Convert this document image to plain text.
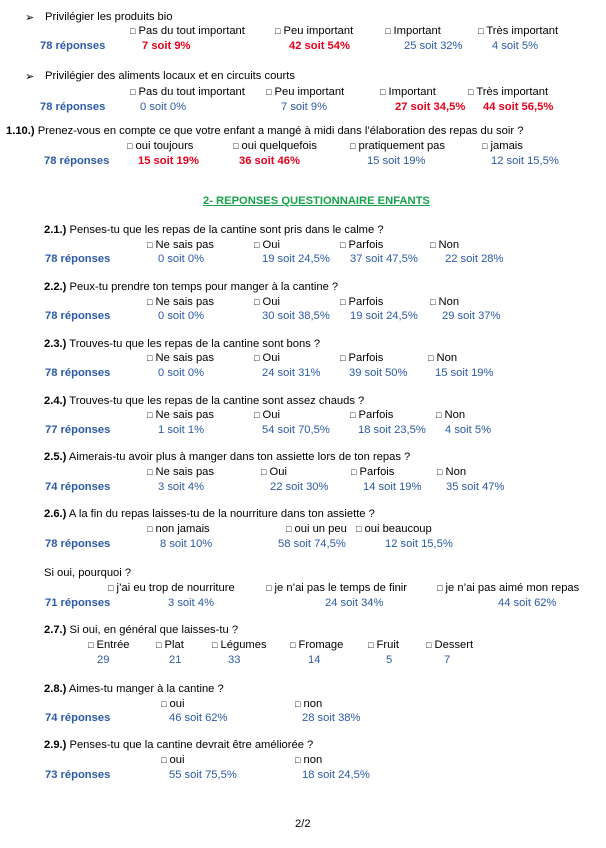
➢ Privilégier les produits bio
□ Pas du tout important	□ Peu important	□ Important	□ Très important
78 réponses	7 soit 9%	42 soit 54%	25 soit 32%	4 soit 5%
➢ Privilégier des aliments locaux et en circuits courts
□ Pas du tout important □ Peu important	□ Important	□ Très important
78 réponses	0 soit 0%	7 soit 9%	27 soit 34,5% 44 soit 56,5%
1.10.) Prenez-vous en compte ce que votre enfant a mangé à midi dans l’élaboration des repas du soir ?
□ oui toujours	□ oui quelquefois	□ pratiquement pas	□ jamais
78 réponses	15 soit 19%	36 soit 46%	15 soit 19%	12 soit 15,5%
2- REPONSES QUESTIONNAIRE ENFANTS
2.1.) Penses-tu que les repas de la cantine sont pris dans le calme ?
□ Ne sais pas	□ Oui	□ Parfois	□ Non
78 réponses	0 soit 0%	19 soit 24,5% 37 soit 47,5% 22 soit 28%
2.2.) Peux-tu prendre ton temps pour manger à la cantine ?
□ Ne sais pas	□ Oui	□ Parfois	□ Non
78 réponses	0 soit 0%	30 soit 38,5% 19 soit 24,5% 29 soit 37%
2.3.) Trouves-tu que les repas de la cantine sont bons ?
□ Ne sais pas	□ Oui	□ Parfois	□ Non
78 réponses	0 soit 0%	24 soit 31%	39 soit 50% 15 soit 19%
2.4.) Trouves-tu que les repas de la cantine sont assez chauds ?
□ Ne sais pas	□ Oui	□ Parfois	□ Non
77 réponses	1 soit 1%	54 soit 70,5%	18 soit 23,5% 4 soit 5%
2.5.) Aimerais-tu avoir plus à manger dans ton assiette lors de ton repas ?
□ Ne sais pas	□ Oui	□ Parfois	□ Non
74 réponses	3 soit 4%	22 soit 30%	14 soit 19% 35 soit 47%
2.6.) A la fin du repas laisses-tu de la nourriture dans ton assiette ?
□ non jamais	□ oui un peu □ oui beaucoup
78 réponses	8 soit 10%	58 soit 74,5%	12 soit 15,5%
Si oui, pourquoi ?
□ j’ai eu trop de nourriture	□ je n’ai pas le temps de finir	□ je n’ai pas aimé mon repas
71 réponses	3 soit 4%	24 soit 34%	44 soit 62%
2.7.) Si oui, en général que laisses-tu ?
□ Entrée	□ Plat	□ Légumes	□ Fromage	□ Fruit	□ Dessert
29	21	33	14	5	7
2.8.) Aimes-tu manger à la cantine ?
□ oui	□ non
74 réponses	46 soit 62%	28 soit 38%
2.9.) Penses-tu que la cantine devrait être améliorée ?
□ oui	□ non
73 réponses	55 soit 75,5%	18 soit 24,5%
2/2
